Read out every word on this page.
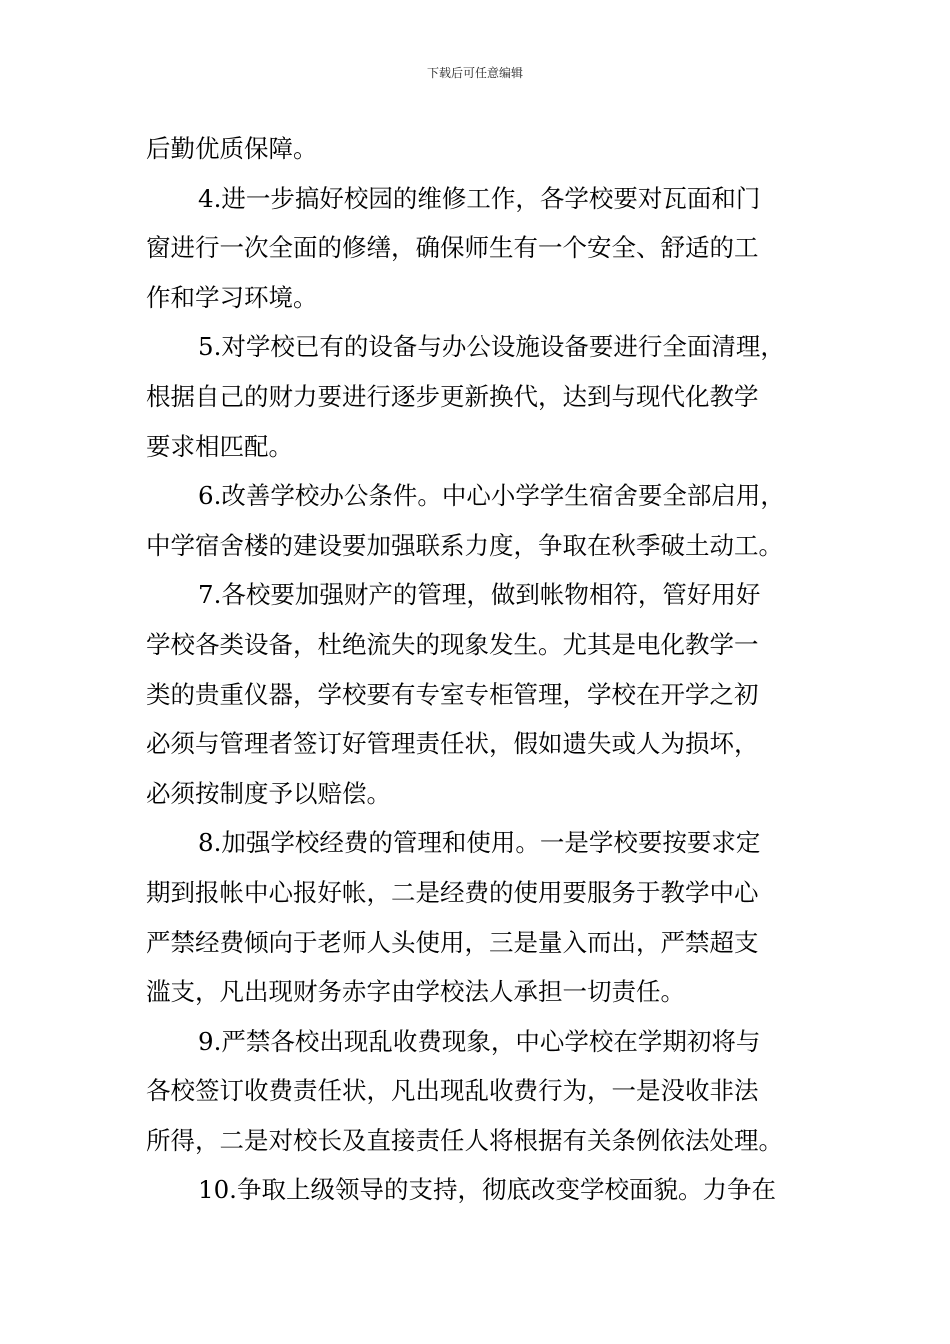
下载后可任意编辑
后勤优质保障。
4.进一步搞好校园的维修工作，各学校要对瓦面和门
窗进行一次全面的修缮，确保师生有一个安全、舒适的工
作和学习环境。
5.对学校已有的设备与办公设施设备要进行全面清理，
根据自己的财力要进行逐步更新换代，达到与现代化教学
要求相匹配。
6.改善学校办公条件。中心小学学生宿舍要全部启用，
中学宿舍楼的建设要加强联系力度，争取在秋季破土动工。
7.各校要加强财产的管理，做到帐物相符，管好用好
学校各类设备，杜绝流失的现象发生。尤其是电化教学一
类的贵重仪器，学校要有专室专柜管理，学校在开学之初
必须与管理者签订好管理责任状，假如遗失或人为损坏，
必须按制度予以赔偿。
8.加强学校经费的管理和使用。一是学校要按要求定
期到报帐中心报好帐，二是经费的使用要服务于教学中心
严禁经费倾向于老师人头使用，三是量入而出，严禁超支
滥支，凡出现财务赤字由学校法人承担一切责任。
9.严禁各校出现乱收费现象，中心学校在学期初将与
各校签订收费责任状，凡出现乱收费行为，一是没收非法
所得，二是对校长及直接责任人将根据有关条例依法处理。
10.争取上级领导的支持，彻底改变学校面貌。力争在
